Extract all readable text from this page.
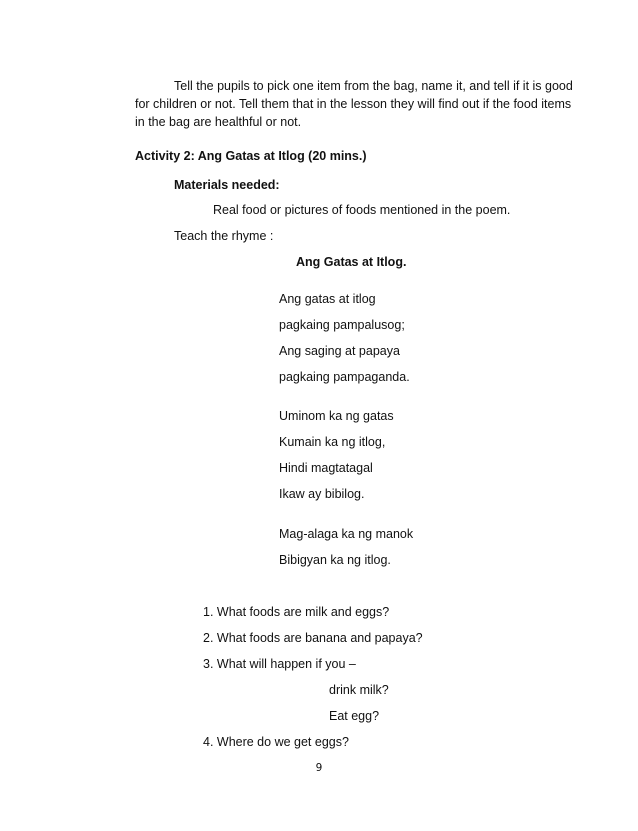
Tell the pupils to pick one item from the bag, name it, and tell if it is good
for children or not. Tell them that in the lesson they will find out if the food items
in the bag are healthful or not.
Activity 2: Ang Gatas at Itlog (20 mins.)
Materials needed:
Real food or pictures of foods mentioned in the poem.
Teach the rhyme :
Ang Gatas at Itlog.
Ang gatas at itlog
pagkaing pampalusog;
Ang saging at papaya
pagkaing pampaganda.
Uminom ka ng gatas
Kumain ka ng itlog,
Hindi magtatagal
Ikaw ay bibilog.
Mag-alaga ka ng manok
Bibigyan ka ng itlog.
1. What foods are milk and eggs?
2. What foods are banana and papaya?
3. What will happen if you –
drink milk?
Eat egg?
4. Where do we get eggs?
9
